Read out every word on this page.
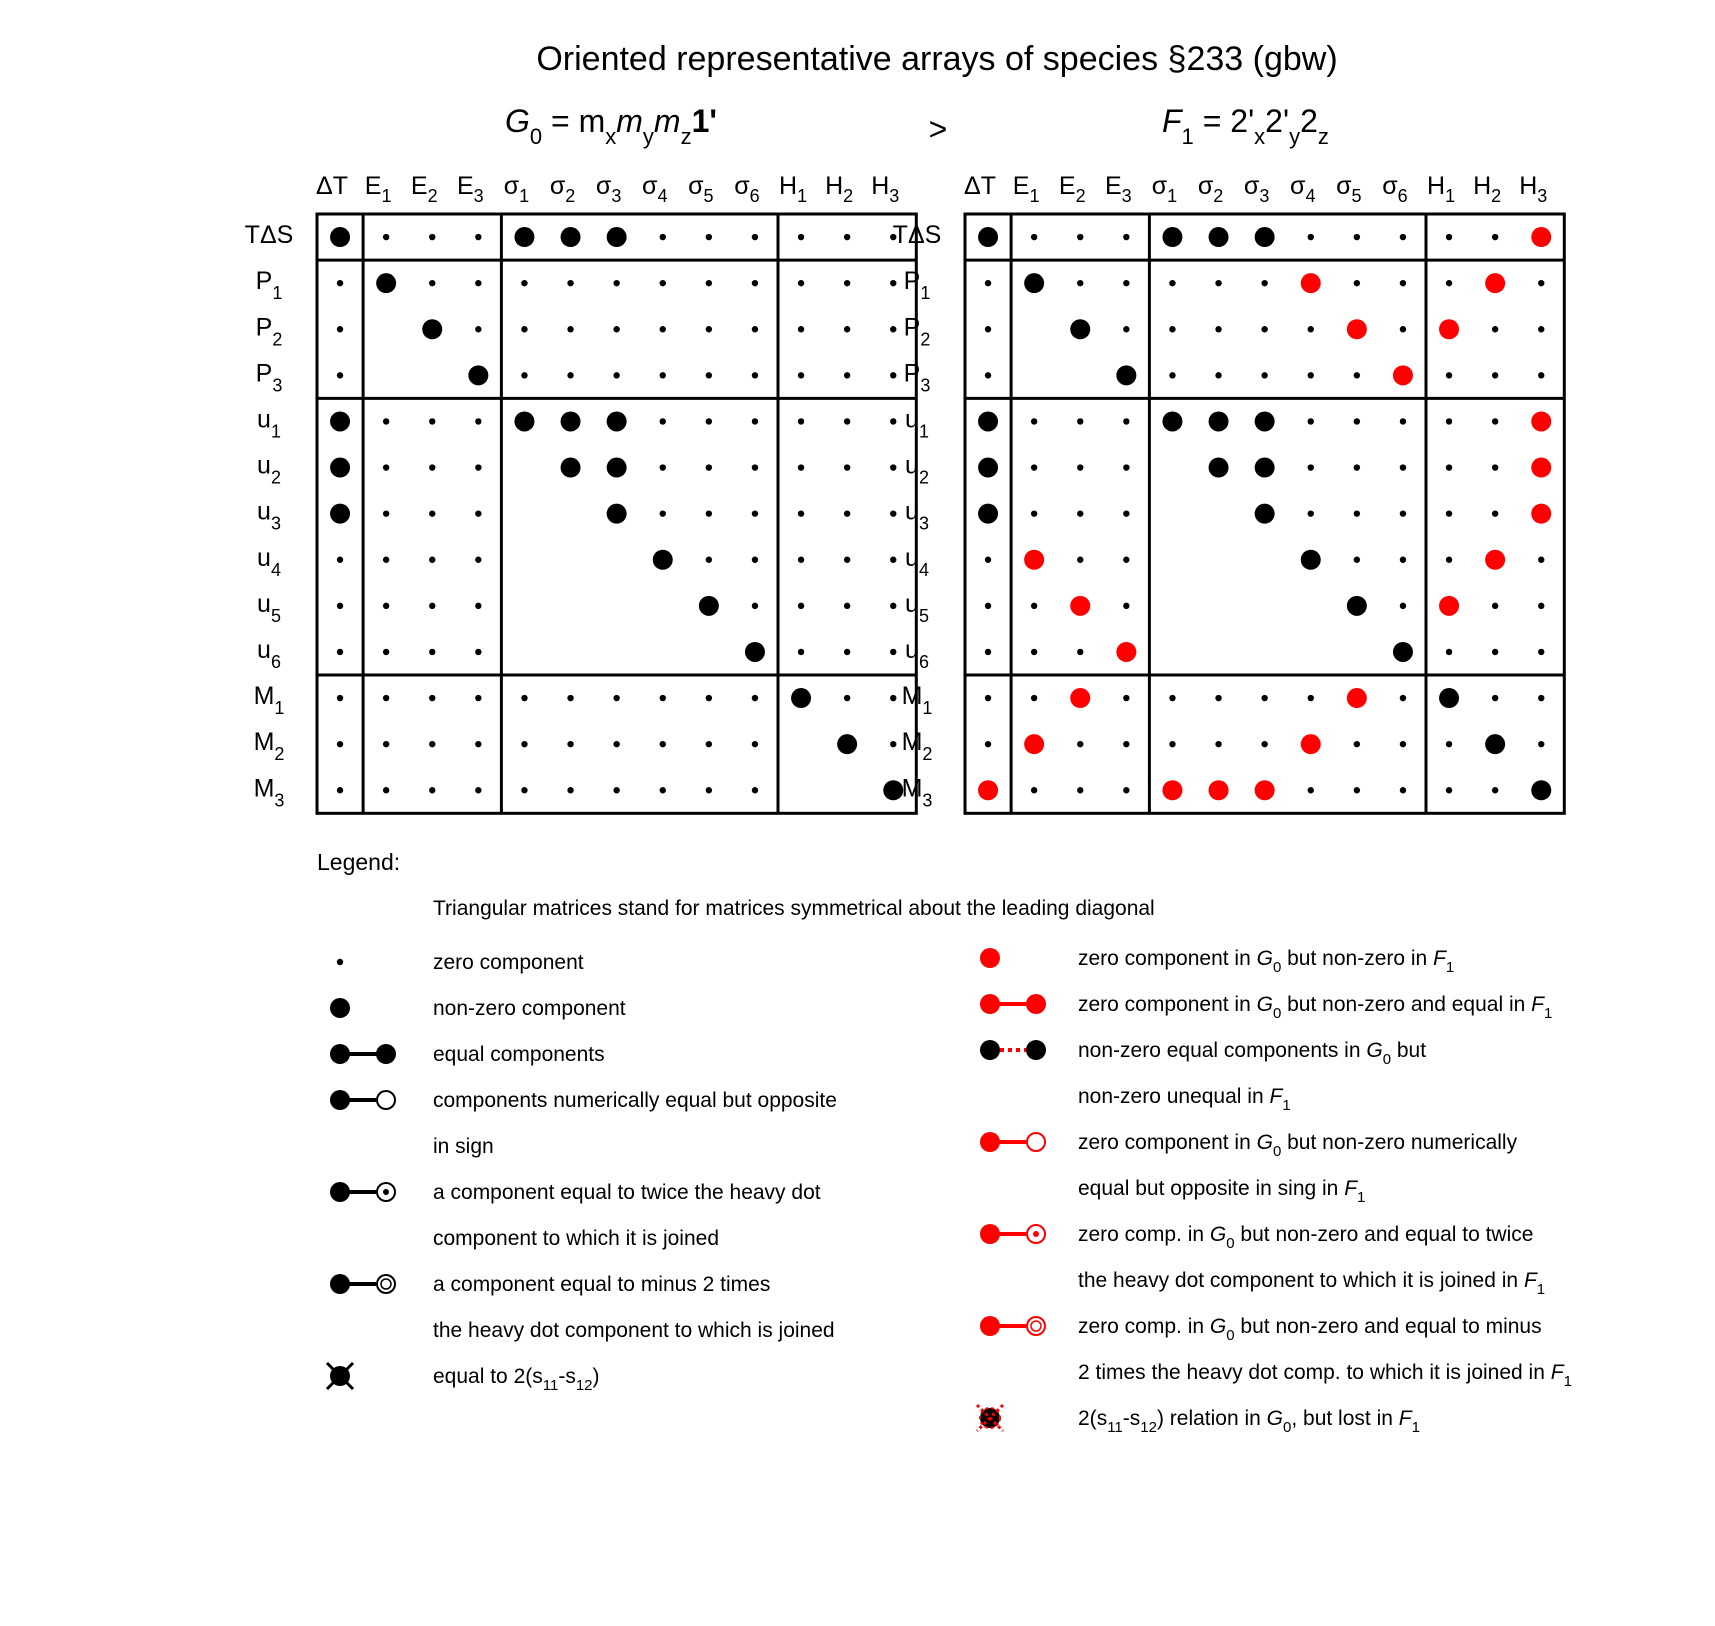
Oriented representative arrays of species §233 (gbw)
>
$G_0 = m_xm_ym_z1'$	$F_1 = 2'_x2'_y2_z$
ΔT $E_1$ $E_2$ $E_3$ $\sigma_1$ $\sigma_2$ $\sigma_3$ $\sigma_4$ $\sigma_5$ $\sigma_6$ $H_1$ $H_2$ $H_3$
TΔS
$P_1$
$P_2$
$P_3$
$u_1$
$u_2$
$u_3$
$u_4$
$u_5$
$u_6$
$M_1$
$M_2$
$M_3$
ΔT $E_1$ $E_2$ $E_3$ $\sigma_1$ $\sigma_2$ $\sigma_3$ $\sigma_4$ $\sigma_5$ $\sigma_6$ $H_1$ $H_2$ $H_3$
TΔS
$P_1$
$P_2$
$P_3$
$u_1$
$u_2$
$u_3$
$u_4$
$u_5$
$u_6$
$M_1$
$M_2$
$M_3$
Legend:
Triangular matrices stand for matrices symmetrical about the leading diagonal
zero component
non-zero component
equal components
components numerically equal but opposite
in sign
a component equal to twice the heavy dot
component to which it is joined
a component equal to minus 2 times
the heavy dot component to which is joined
equal to $2(s_{11}-s_{12})$
zero component in $G_0$ but non-zero in $F_1$
zero component in $G_0$ but non-zero and equal in $F_1$
non-zero equal components in $G_0$ but
non-zero unequal in $F_1$
zero component in $G_0$ but non-zero numerically
equal but opposite in sing in $F_1$
zero comp. in $G_0$ but non-zero and equal to twice
the heavy dot component to which it is joined in $F_1$
zero comp. in $G_0$ but non-zero and equal to minus
2 times the heavy dot comp. to which it is joined in $F_1$
$2(s_{11}-s_{12})$ relation in $G_0$, but lost in $F_1$
